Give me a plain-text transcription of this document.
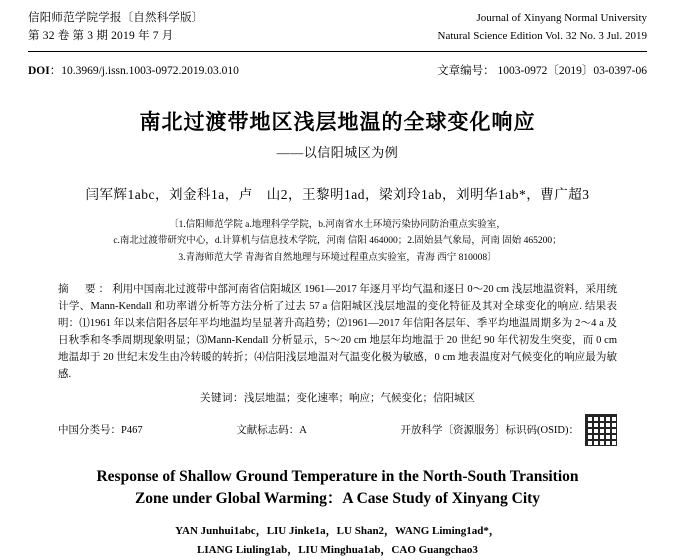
信阳师范学院学报〔自然科学版〕
第 32 卷 第 3 期 2019 年 7 月
Journal of Xinyang Normal University
Natural Science Edition Vol. 32 No. 3 Jul. 2019
DOI：10.3969/j.issn.1003-0972.2019.03.010	文章编号： 1003-0972〔2019〕03-0397-06
南北过渡带地区浅层地温的全球变化响应
——以信阳城区为例
闫军辉1abc，刘金科1a，卢　山2，王黎明1ad，梁刘玲1ab，刘明华1ab*，曹广超3
〔1.信阳师范学院 a.地理科学学院，b.河南省水土环境污染协同防治重点实验室，
c.南北过渡带研究中心，d.计算机与信息技术学院，河南 信阳 464000；2.固始县气象局，河南 固始 465200；
3.青海师范大学 青海省自然地理与环境过程重点实验室，青海 西宁 810008〕
摘　要：利用中国南北过渡带中部河南省信阳城区 1961—2017 年逐月平均气温和逐日 0～20 cm 浅层地温资料，采用统计学、Mann-Kendall 和功率谱分析等方法分析了过去 57 a 信阳城区浅层地温的变化特征及其对全球变化的响应. 结果表明：⑴1961 年以来信阳各层年平均地温均呈显著升高趋势；⑵1961—2017 年信阳各层年、季平均地温周期多为 2～4 a 及日秋季和冬季周期现象明显；⑶Mann-Kendall 分析显示，5～20 cm 地层年均地温于 20 世纪 90 年代初发生突变，而 0 cm 地温却于 20 世纪末发生由冷转暖的转折；⑷信阳浅层地温对气温变化极为敏感，0 cm 地表温度对气候变化的响应最为敏感.
关键词：浅层地温；变化速率；响应；气候变化；信阳城区
中国分类号：P467	文献标志码：A	开放科学〔资源服务〕标识码(OSID)：
Response of Shallow Ground Temperature in the North-South Transition
Zone under Global Warming：A Case Study of Xinyang City
YAN Junhui1abc，LIU Jinke1a，LU Shan2，WANG Liming1ad*，
LIANG Liuling1ab，LIU Minghua1ab，CAO Guangchao3
